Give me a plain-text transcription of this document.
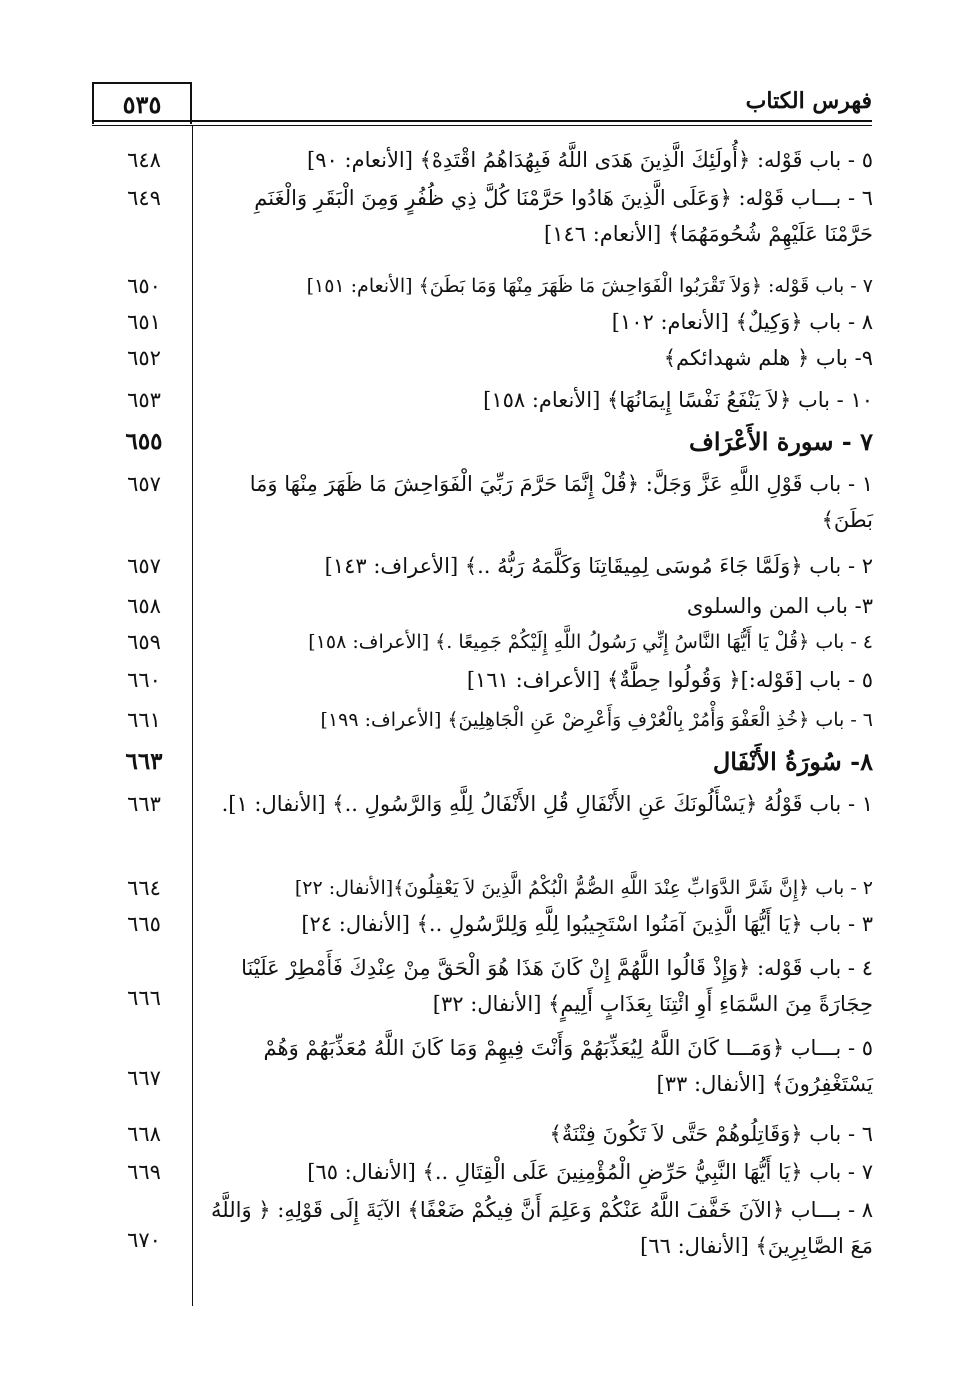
فهرس الكتاب
٥٣٥
٥ - باب قَوْله: ﴿أُولَئِكَ الَّذِينَ هَدَى اللَّهُ فَبِهُدَاهُمُ اقْتَدِهْ﴾ [الأنعام: ٩٠]
٦٤٨
٦ - بـــاب قَوْله: ﴿وَعَلَى الَّذِينَ هَادُوا حَرَّمْنَا كُلَّ ذِي ظُفُرٍ وَمِنَ الْبَقَرِ وَالْغَنَمِ حَرَّمْنَا عَلَيْهِمْ شُحُومَهُمَا﴾ [الأنعام: ١٤٦]
٦٤٩
٧ - باب قَوْله: ﴿وَلاَ تَقْرَبُوا الْفَوَاحِشَ مَا ظَهَرَ مِنْهَا وَمَا بَطَنَ﴾ [الأنعام: ١٥١]
٦٥٠
٨ - باب ﴿وَكِيلٌ﴾ [الأنعام: ١٠٢]
٦٥١
٩- باب ﴿ هلم شهدائكم﴾
٦٥٢
١٠ - باب ﴿لاَ يَنْفَعُ نَفْسًا إِيمَانُهَا﴾ [الأنعام: ١٥٨]
٦٥٣
٧ - سورة الأَعْرَاف
٦٥٥
١ - باب قَوْلِ اللَّهِ عَزَّ وَجَلَّ: ﴿قُلْ إِنَّمَا حَرَّمَ رَبِّيَ الْفَوَاحِشَ مَا ظَهَرَ مِنْهَا وَمَا بَطَنَ﴾
٦٥٧
٢ - باب ﴿وَلَمَّا جَاءَ مُوسَى لِمِيقَاتِنَا وَكَلَّمَهُ رَبُّهُ ..﴾ [الأعراف: ١٤٣]
٦٥٧
٣- باب المن والسلوى
٦٥٨
٤ - باب ﴿قُلْ يَا أَيُّهَا النَّاسُ إِنِّي رَسُولُ اللَّهِ إِلَيْكُمْ جَمِيعًا .﴾ [الأعراف: ١٥٨]
٦٥٩
٥ - باب [قَوْله:]﴿ وَقُولُوا حِطَّةٌ﴾ [الأعراف: ١٦١]
٦٦٠
٦ - باب ﴿خُذِ الْعَفْوَ وَأْمُرْ بِالْعُرْفِ وَأَعْرِضْ عَنِ الْجَاهِلِينَ﴾ [الأعراف: ١٩٩]
٦٦١
٨- سُورَةُ الأَنْفَال
٦٦٣
١ - باب قَوْلُهُ ﴿يَسْأَلُونَكَ عَنِ الأَنْفَالِ قُلِ الأَنْفَالُ لِلَّهِ وَالرَّسُولِ ..﴾ [الأنفال: ١].
٦٦٣
٢ - باب ﴿إِنَّ شَرَّ الدَّوَابِّ عِنْدَ اللَّهِ الصُّمُّ الْبُكْمُ الَّذِينَ لاَ يَعْقِلُونَ﴾[الأنفال: ٢٢]
٦٦٤
٣ - باب ﴿يَا أَيُّهَا الَّذِينَ آمَنُوا اسْتَجِيبُوا لِلَّهِ وَلِلرَّسُولِ ..﴾ [الأنفال: ٢٤]
٦٦٥
٤ - باب قَوْله: ﴿وَإِذْ قَالُوا اللَّهُمَّ إِنْ كَانَ هَذَا هُوَ الْحَقَّ مِنْ عِنْدِكَ فَأَمْطِرْ عَلَيْنَا حِجَارَةً مِنَ السَّمَاءِ أَوِ ائْتِنَا بِعَذَابٍ أَلِيمٍ﴾ [الأنفال: ٣٢]
٦٦٦
٥ - بـــاب ﴿وَمَـــا كَانَ اللَّهُ لِيُعَذِّبَهُمْ وَأَنْتَ فِيهِمْ وَمَا كَانَ اللَّهُ مُعَذِّبَهُمْ وَهُمْ يَسْتَغْفِرُونَ﴾ [الأنفال: ٣٣]
٦٦٧
٦ - باب ﴿وَقَاتِلُوهُمْ حَتَّى لاَ تَكُونَ فِتْنَةٌ﴾
٦٦٨
٧ - باب ﴿يَا أَيُّهَا النَّبِيُّ حَرِّضِ الْمُؤْمِنِينَ عَلَى الْقِتَالِ ..﴾ [الأنفال: ٦٥]
٦٦٩
٨ - بـــاب ﴿الآنَ خَفَّفَ اللَّهُ عَنْكُمْ وَعَلِمَ أَنَّ فِيكُمْ ضَعْفًا﴾ الآيَةَ إِلَى قَوْلِهِ: ﴿ وَاللَّهُ مَعَ الصَّابِرِينَ﴾ [الأنفال: ٦٦]
٦٧٠
